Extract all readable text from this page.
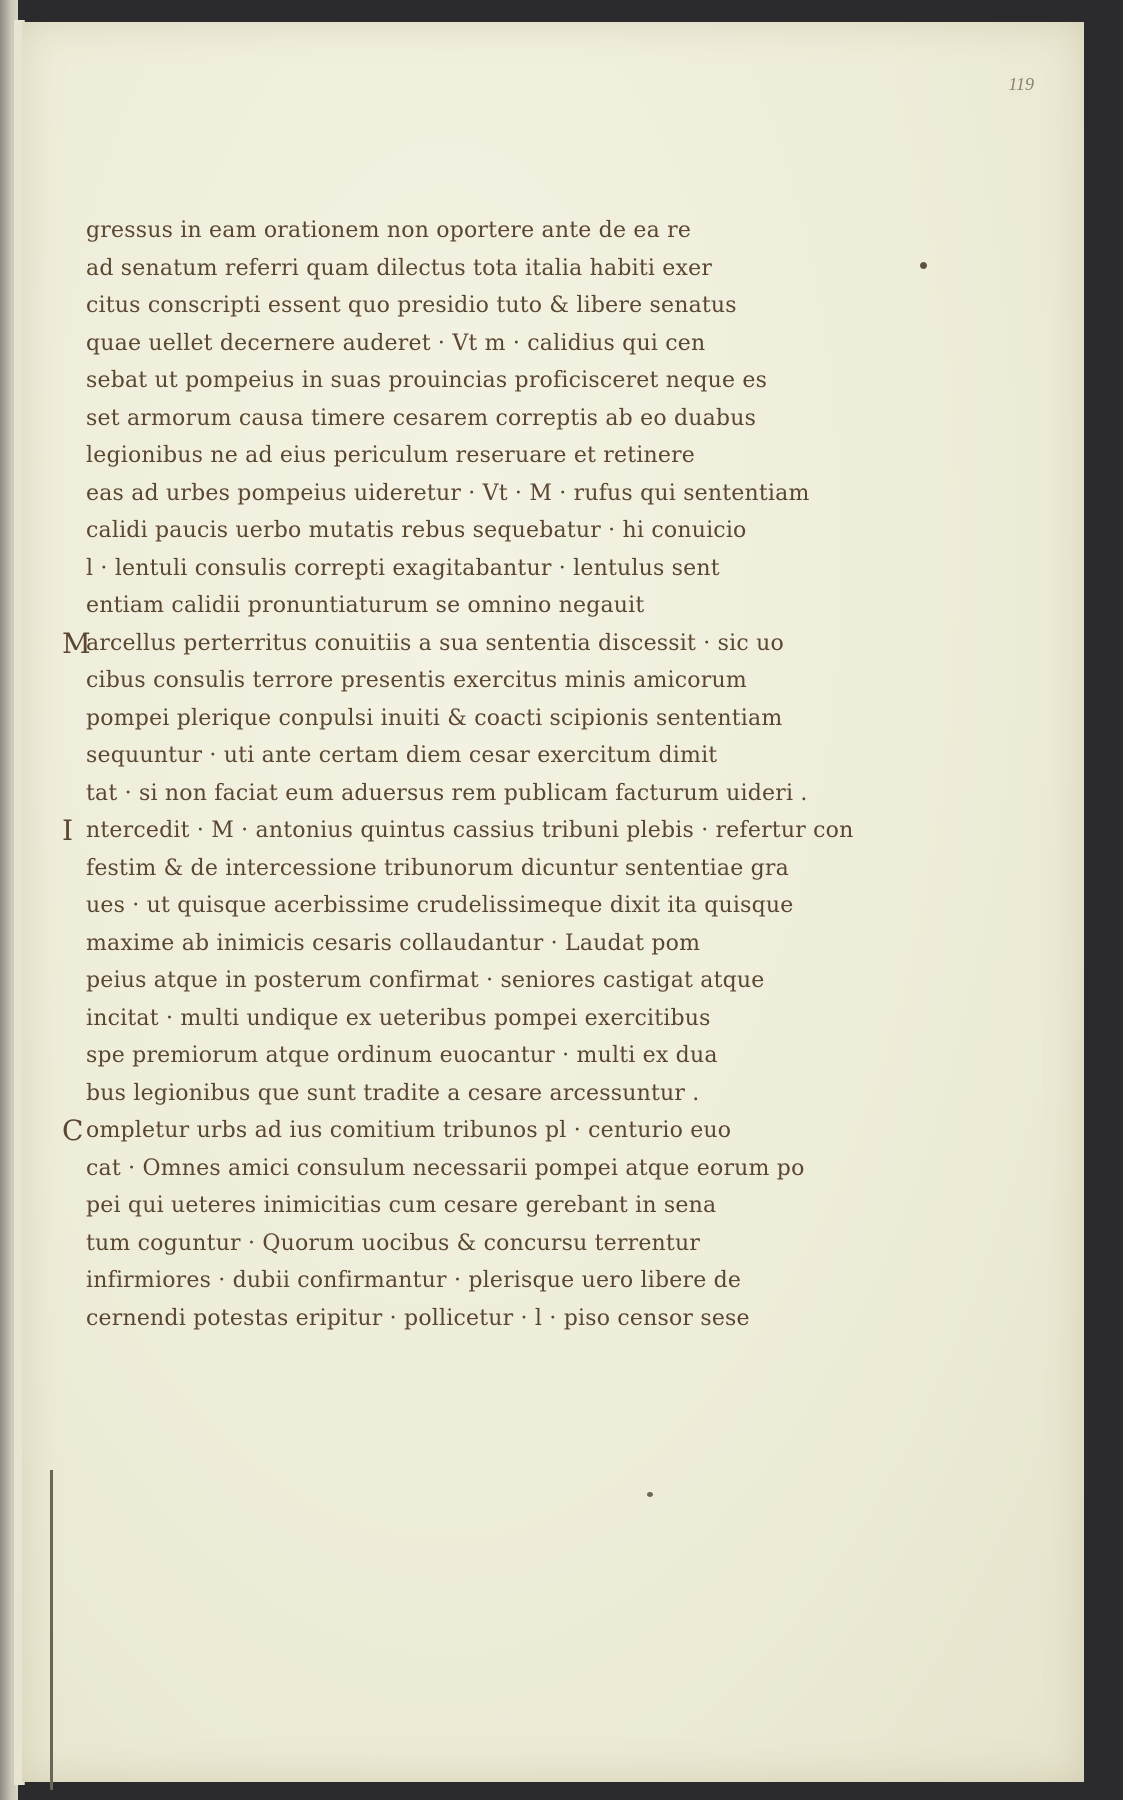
119
gressus in eam orationem non oportere ante de ea re
ad senatum referri quam dilectus tota italia habiti exer
citus conscripti essent quo presidio tuto & libere senatus
quae uellet decernere auderet · Vt m · calidius qui cen
sebat ut pompeius in suas prouincias proficisceret neque es
set armorum causa timere cesarem correptis ab eo duabus
legionibus ne ad eius periculum reseruare et retinere
eas ad urbes pompeius uideretur · Vt · M · rufus qui sententiam
calidi paucis uerbo mutatis rebus sequebatur · hi conuicio
l · lentuli consulis correpti exagitabantur · lentulus sent
entiam calidii pronuntiaturum se omnino negauit
M
arcellus perterritus conuitiis a sua sententia discessit · sic uo
cibus consulis terrore presentis exercitus minis amicorum
pompei plerique conpulsi inuiti & coacti scipionis sententiam
sequuntur · uti ante certam diem cesar exercitum dimit
tat · si non faciat eum aduersus rem publicam facturum uideri .
I ntercedit · M · antonius quintus cassius tribuni plebis · refertur con
festim & de intercessione tribunorum dicuntur sententiae gra
ues · ut quisque acerbissime crudelissimeque dixit ita quisque
maxime ab inimicis cesaris collaudantur · Laudat pom
peius atque in posterum confirmat · seniores castigat atque
incitat · multi undique ex ueteribus pompei exercitibus
spe premiorum atque ordinum euocantur · multi ex dua
bus legionibus que sunt tradite a cesare arcessuntur .
C ompletur urbs ad ius comitium tribunos pl · centurio euo
cat · Omnes amici consulum necessarii pompei atque eorum po
pei qui ueteres inimicitias cum cesare gerebant in sena
tum coguntur · Quorum uocibus & concursu terrentur
infirmiores · dubii confirmantur · plerisque uero libere de
cernendi potestas eripitur · pollicetur · l · piso censor sese
